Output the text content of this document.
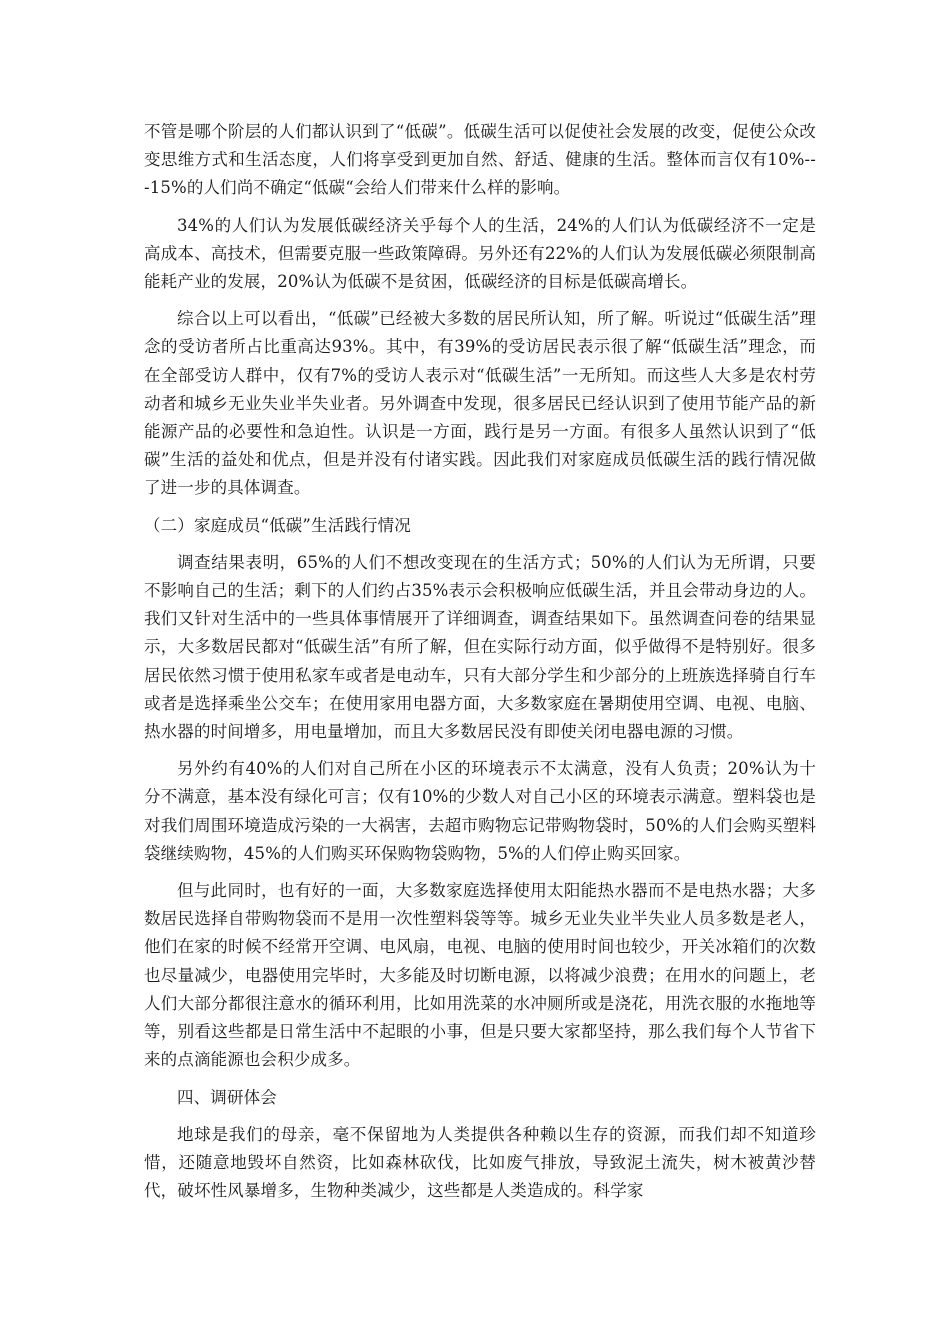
不管是哪个阶层的人们都认识到了“低碳”。低碳生活可以促使社会发展的改变，促使公众改变思维方式和生活态度，人们将享受到更加自然、舒适、健康的生活。整体而言仅有10%---15%的人们尚不确定“低碳“会给人们带来什么样的影响。

34%的人们认为发展低碳经济关乎每个人的生活，24%的人们认为低碳经济不一定是高成本、高技术，但需要克服一些政策障碍。另外还有22%的人们认为发展低碳必须限制高能耗产业的发展，20%认为低碳不是贫困，低碳经济的目标是低碳高增长。

综合以上可以看出，“低碳”已经被大多数的居民所认知，所了解。听说过“低碳生活”理念的受访者所占比重高达93%。其中，有39%的受访居民表示很了解“低碳生活”理念，而在全部受访人群中，仅有7%的受访人表示对“低碳生活”一无所知。而这些人大多是农村劳动者和城乡无业失业半失业者。另外调查中发现，很多居民已经认识到了使用节能产品的新能源产品的必要性和急迫性。认识是一方面，践行是另一方面。有很多人虽然认识到了“低碳”生活的益处和优点，但是并没有付诸实践。因此我们对家庭成员低碳生活的践行情况做了进一步的具体调查。

（二）家庭成员“低碳”生活践行情况

调查结果表明，65%的人们不想改变现在的生活方式；50%的人们认为无所谓，只要不影响自己的生活；剩下的人们约占35%表示会积极响应低碳生活，并且会带动身边的人。我们又针对生活中的一些具体事情展开了详细调查，调查结果如下。虽然调查问卷的结果显示，大多数居民都对“低碳生活”有所了解，但在实际行动方面，似乎做得不是特别好。很多居民依然习惯于使用私家车或者是电动车，只有大部分学生和少部分的上班族选择骑自行车或者是选择乘坐公交车；在使用家用电器方面，大多数家庭在暑期使用空调、电视、电脑、热水器的时间增多，用电量增加，而且大多数居民没有即使关闭电器电源的习惯。

另外约有40%的人们对自己所在小区的环境表示不太满意，没有人负责；20%认为十分不满意，基本没有绿化可言；仅有10%的少数人对自己小区的环境表示满意。塑料袋也是对我们周围环境造成污染的一大祸害，去超市购物忘记带购物袋时，50%的人们会购买塑料袋继续购物，45%的人们购买环保购物袋购物，5%的人们停止购买回家。

但与此同时，也有好的一面，大多数家庭选择使用太阳能热水器而不是电热水器；大多数居民选择自带购物袋而不是用一次性塑料袋等等。城乡无业失业半失业人员多数是老人，他们在家的时候不经常开空调、电风扇，电视、电脑的使用时间也较少，开关冰箱们的次数也尽量减少，电器使用完毕时，大多能及时切断电源，以将减少浪费；在用水的问题上，老人们大部分都很注意水的循环利用，比如用洗菜的水冲厕所或是浇花，用洗衣服的水拖地等等，别看这些都是日常生活中不起眼的小事，但是只要大家都坚持，那么我们每个人节省下来的点滴能源也会积少成多。

四、调研体会

地球是我们的母亲，毫不保留地为人类提供各种赖以生存的资源，而我们却不知道珍惜，还随意地毁坏自然资，比如森林砍伐，比如废气排放，导致泥土流失，树木被黄沙替代，破坏性风暴增多，生物种类减少，这些都是人类造成的。科学家
